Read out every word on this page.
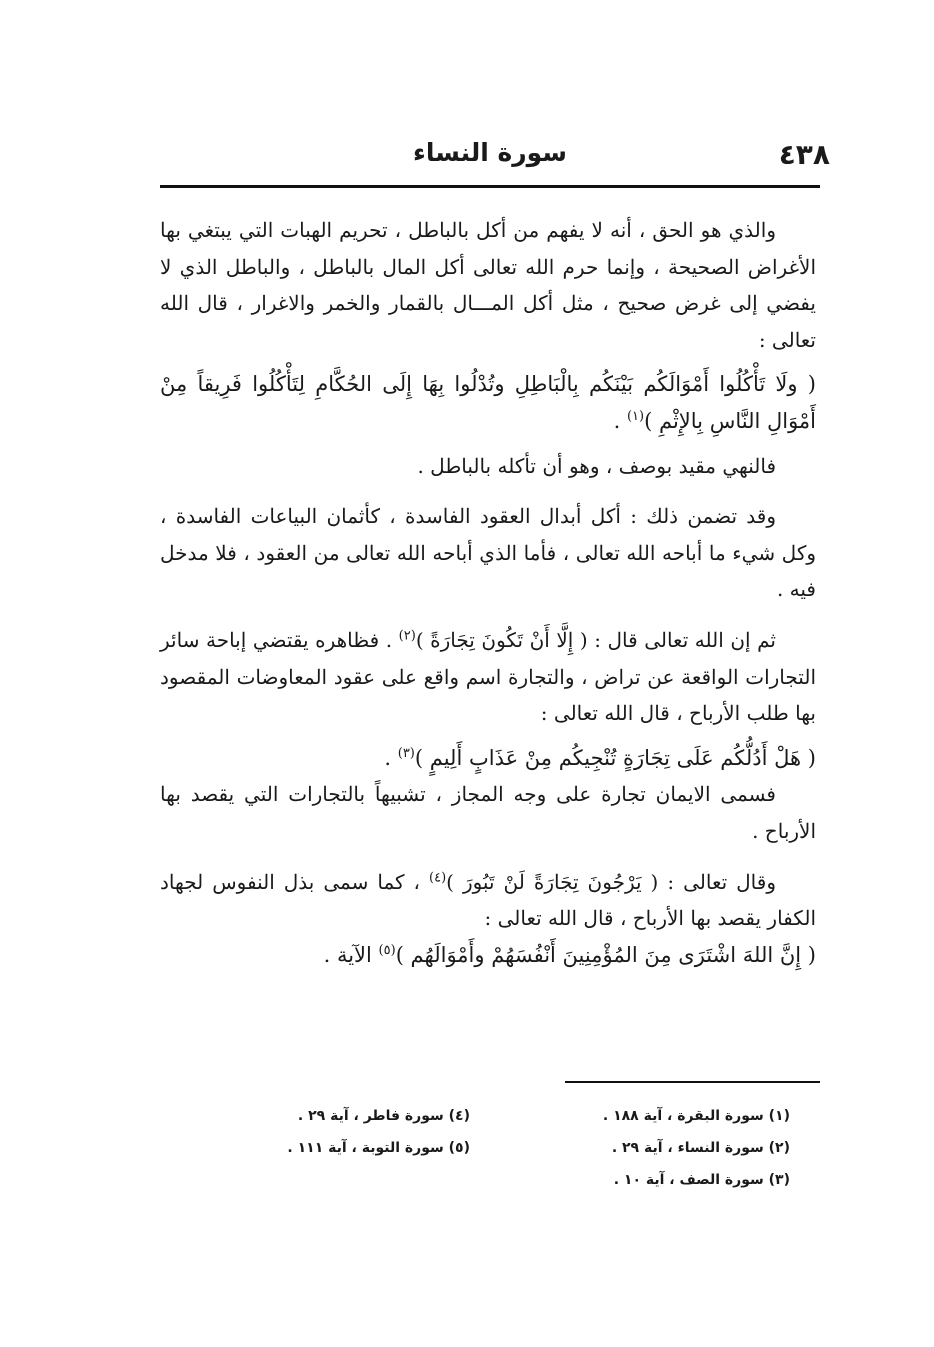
٤٣٨
سورة النساء

والذي هو الحق ، أنه لا يفهم من أكل بالباطل ، تحريم الهبات التي يبتغي بها الأغراض الصحيحة ، وإنما حرم الله تعالى أكل المال بالباطل ، والباطل الذي لا يفضي إلى غرض صحيح ، مثل أكل المـــال بالقمار والخمر والاغرار ، قال الله تعالى :

( ولَا تَأْكُلُوا أَمْوَالَكُم بَيْنَكُم بِالْبَاطِلِ وتُدْلُوا بِهَا إِلَى الحُكَّامِ لِتَأْكُلُوا فَرِيقاً مِنْ أَمْوَالِ النَّاسِ بِالإِثْمِ )$^{(١)}$ .

فالنهي مقيد بوصف ، وهو أن تأكله بالباطل .

وقد تضمن ذلك : أكل أبدال العقود الفاسدة ، كأثمان البياعات الفاسدة ، وكل شيء ما أباحه الله تعالى ، فأما الذي أباحه الله تعالى من العقود ، فلا مدخل فيه .

ثم إن الله تعالى قال : ( إِلَّا أَنْ تَكُونَ تِجَارَةً )$^{(٢)}$ . فظاهره يقتضي إباحة سائر التجارات الواقعة عن تراض ، والتجارة اسم واقع على عقود المعاوضات المقصود بها طلب الأرباح ، قال الله تعالى :

( هَلْ أَدُلُّكُم عَلَى تِجَارَةٍ تُنْجِيكُم مِنْ عَذَابٍ أَلِيمٍ )$^{(٣)}$ .

فسمى الايمان تجارة على وجه المجاز ، تشبيهاً بالتجارات التي يقصد بها الأرباح .

وقال تعالى : ( يَرْجُونَ تِجَارَةً لَنْ تَبُورَ )$^{(٤)}$ ، كما سمى بذل النفوس لجهاد الكفار يقصد بها الأرباح ، قال الله تعالى :

( إِنَّ اللهَ اشْتَرَى مِنَ المُؤْمِنِينَ أَنْفُسَهُمْ وأَمْوَالَهُم )$^{(٥)}$ الآية .

(١) سورة البقرة ، آية ١٨٨ .
(٢) سورة النساء ، آية ٢٩ .
(٣) سورة الصف ، آية ١٠ .
(٤) سورة فاطر ، آية ٢٩ .
(٥) سورة التوبة ، آية ١١١ .
